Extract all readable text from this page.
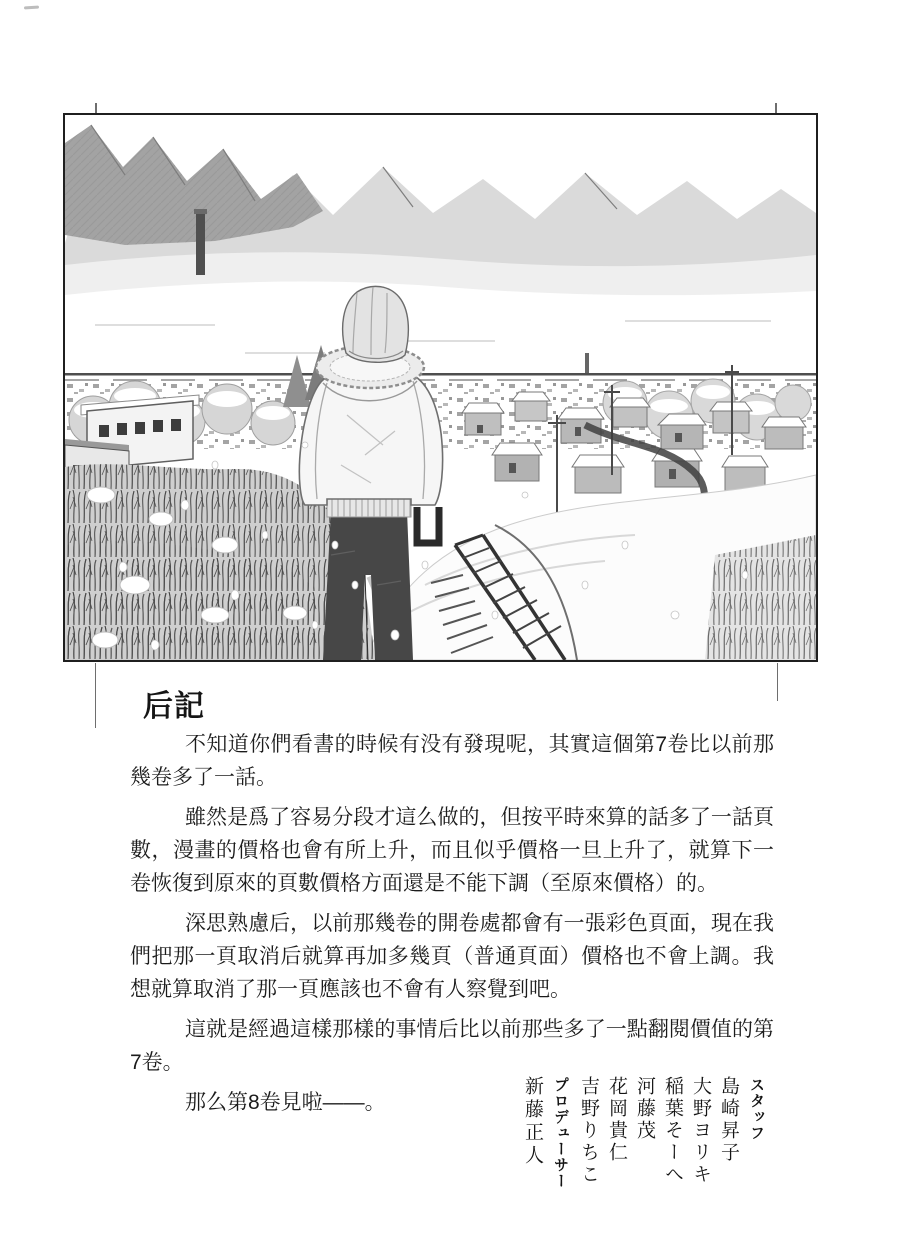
后記

不知道你們看書的時候有没有發現呢，其實這個第7卷比以前那幾卷多了一話。

雖然是爲了容易分段才這么做的，但按平時來算的話多了一話頁數，漫畫的價格也會有所上升，而且似乎價格一旦上升了，就算下一卷恢復到原來的頁數價格方面還是不能下調（至原來價格）的。

深思熟慮后，以前那幾卷的開卷處都會有一張彩色頁面，現在我們把那一頁取消后就算再加多幾頁（普通頁面）價格也不會上調。我想就算取消了那一頁應該也不會有人察覺到吧。

這就是經過這樣那樣的事情后比以前那些多了一點翻閱價值的第7卷。

那么第8卷見啦——。	スタッフ
島崎昇子
大野ヨリキ
稲葉そーへ
河藤茂
花岡貴仁
吉野りちこ
プロデューサー
新藤正人
